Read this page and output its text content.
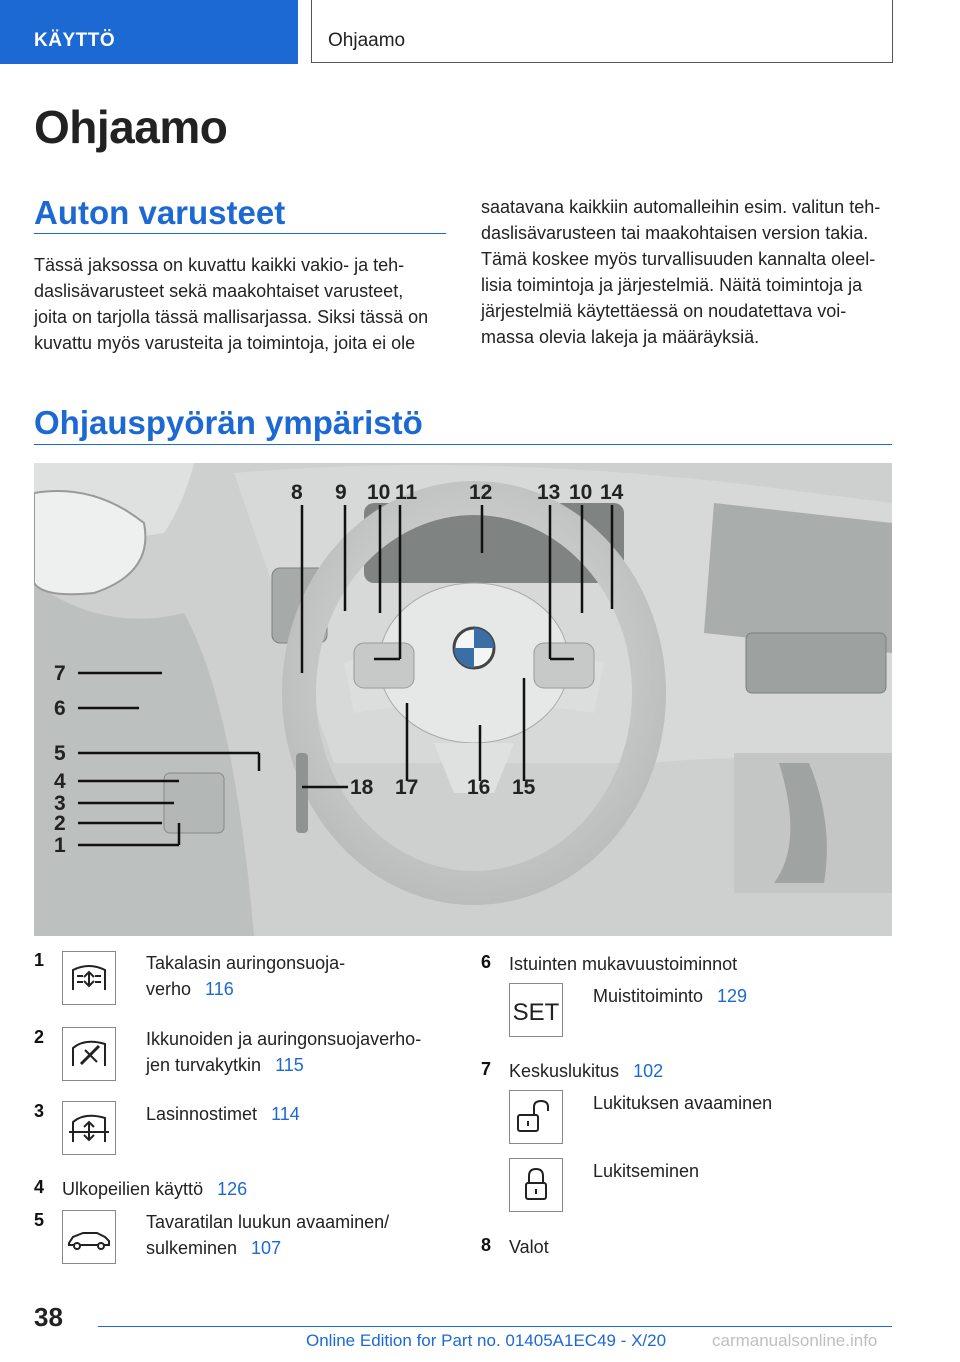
KÄYTTÖ	Ohjaamo
Ohjaamo
Auton varusteet
Tässä jaksossa on kuvattu kaikki vakio- ja teh-
daslisävarusteet sekä maakohtaiset varusteet,
joita on tarjolla tässä mallisarjassa. Siksi tässä on
kuvattu myös varusteita ja toimintoja, joita ei ole
saatavana kaikkiin automalleihin esim. valitun teh-
daslisävarusteen tai maakohtaisen version takia.
Tämä koskee myös turvallisuuden kannalta oleel-
lisia toimintoja ja järjestelmiä. Näitä toimintoja ja
järjestelmiä käytettäessä on noudatettava voi-
massa olevia lakeja ja määräyksiä.
Ohjauspyörän ympäristö
8 9 10 11 12 13 10 14
7
6
5
4
3
2
1
18 17 16 15
1	Takalasin auringonsuoja-
verho 116
2	Ikkunoiden ja auringonsuojaverho-
jen turvakytkin 115
3	Lasinnostimet 114
4 Ulkopeilien käyttö 126
5	Tavaratilan luukun avaaminen/
sulkeminen 107
6 Istuinten mukavuustoiminnot
SET
Muistitoiminto 129
7 Keskuslukitus 102
Lukituksen avaaminen
Lukitseminen
8 Valot
38
Online Edition for Part no. 01405A1EC49 - X/20	carmanualsonline.info
